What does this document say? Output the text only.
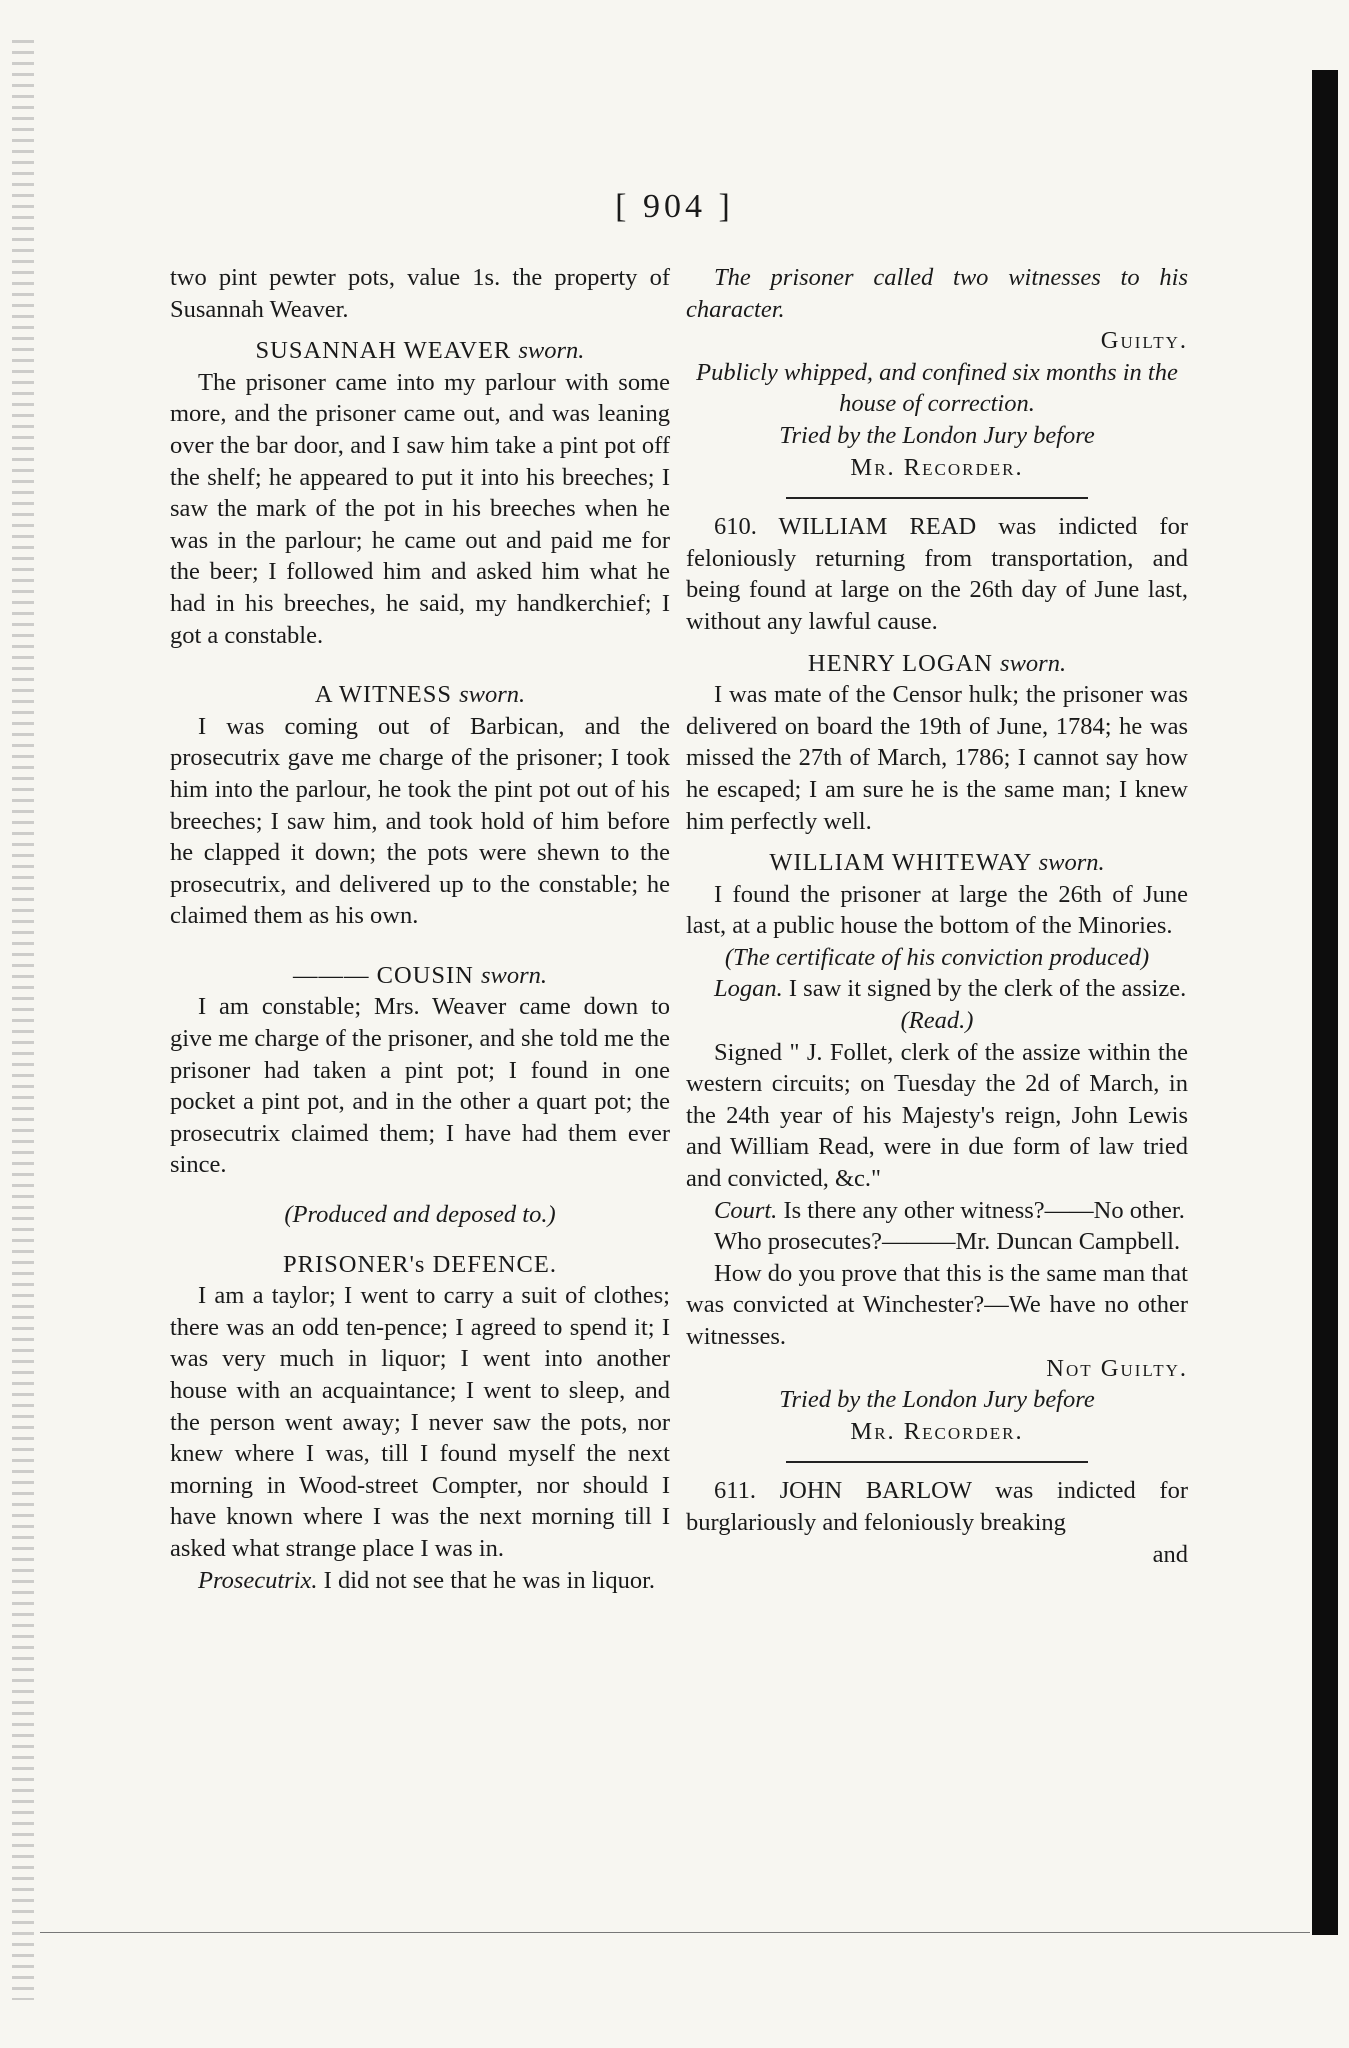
[ 904 ]

two pint pewter pots, value 1s. the property of Susannah Weaver.

SUSANNAH WEAVER sworn.

The prisoner came into my parlour with some more, and the prisoner came out, and was leaning over the bar door, and I saw him take a pint pot off the shelf; he appeared to put it into his breeches; I saw the mark of the pot in his breeches when he was in the parlour; he came out and paid me for the beer; I followed him and asked him what he had in his breeches, he said, my handkerchief; I got a constable.

A WITNESS sworn.

I was coming out of Barbican, and the prosecutrix gave me charge of the prisoner; I took him into the parlour, he took the pint pot out of his breeches; I saw him, and took hold of him before he clapped it down; the pots were shewn to the prosecutrix, and delivered up to the constable; he claimed them as his own.

——— COUSIN sworn.

I am constable; Mrs. Weaver came down to give me charge of the prisoner, and she told me the prisoner had taken a pint pot; I found in one pocket a pint pot, and in the other a quart pot; the prosecutrix claimed them; I have had them ever since.

(Produced and deposed to.)

PRISONER's DEFENCE.

I am a taylor; I went to carry a suit of clothes; there was an odd ten-pence; I agreed to spend it; I was very much in liquor; I went into another house with an acquaintance; I went to sleep, and the person went away; I never saw the pots, nor knew where I was, till I found myself the next morning in Wood-street Compter, nor should I have known where I was the next morning till I asked what strange place I was in.

Prosecutrix. I did not see that he was in liquor.

The prisoner called two witnesses to his character.

Guilty.

Publicly whipped, and confined six months in the house of correction.

Tried by the London Jury before

Mr. Recorder.

610. WILLIAM READ was indicted for feloniously returning from transportation, and being found at large on the 26th day of June last, without any lawful cause.

HENRY LOGAN sworn.

I was mate of the Censor hulk; the prisoner was delivered on board the 19th of June, 1784; he was missed the 27th of March, 1786; I cannot say how he escaped; I am sure he is the same man; I knew him perfectly well.

WILLIAM WHITEWAY sworn.

I found the prisoner at large the 26th of June last, at a public house the bottom of the Minories.

(The certificate of his conviction produced)

Logan. I saw it signed by the clerk of the assize.

(Read.)

Signed " J. Follet, clerk of the assize within the western circuits; on Tuesday the 2d of March, in the 24th year of his Majesty's reign, John Lewis and William Read, were in due form of law tried and convicted, &c."

Court. Is there any other witness?——No other.

Who prosecutes?———Mr. Duncan Campbell.

How do you prove that this is the same man that was convicted at Winchester?—We have no other witnesses.

Not Guilty.

Tried by the London Jury before

Mr. Recorder.

611. JOHN BARLOW was indicted for burglariously and feloniously breaking

and
